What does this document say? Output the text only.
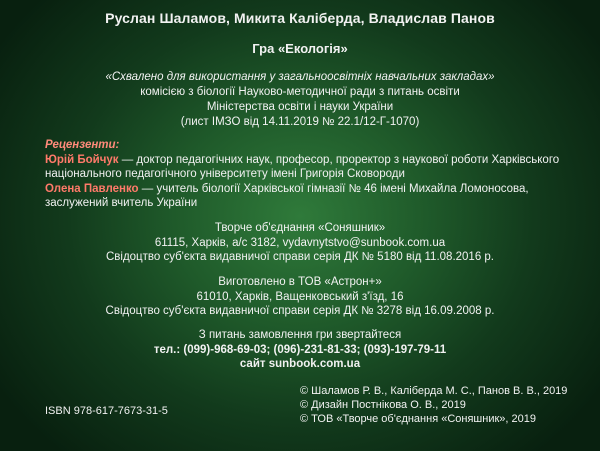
Руслан Шаламов, Микита Калiберда, Владислав Панов
Гра «Екологія»
«Схвалено для використання у загальноосвітніх навчальних закладах»
комісією з біології Науково-методичної ради з питань освіти
Міністерства освіти і науки України
(лист ІМЗО від 14.11.2019 № 22.1/12-Г-1070)
Рецензенти:
Юрій Бойчук — доктор педагогічних наук, професор, проректор з наукової роботи Харківського
національного педагогічного університету імені Григорія Сковороди
Олена Павленко — учитель біології Харківської гімназії № 46 імені Михайла Ломоносова,
заслужений вчитель України
Творче об'єднання «Соняшник»
61115, Харків, а/с 3182, vydavnytstvo@sunbook.com.ua
Свідоцтво суб'єкта видавничої справи серія ДК № 5180 від 11.08.2016 р.
Виготовлено в ТОВ «Астрон+»
61010, Харків, Ващенковський з'їзд, 16
Свідоцтво суб'єкта видавничої справи серія ДК № 3278 від 16.09.2008 р.
З питань замовлення гри звертайтеся
тел.: (099)-968-69-03; (096)-231-81-33; (093)-197-79-11
сайт sunbook.com.ua
© Шаламов Р. В., Калiберда М. С., Панов В. В., 2019
© Дизайн Постнікова О. В., 2019
© ТОВ «Творче об'єднання «Соняшник», 2019
ISBN 978-617-7673-31-5
